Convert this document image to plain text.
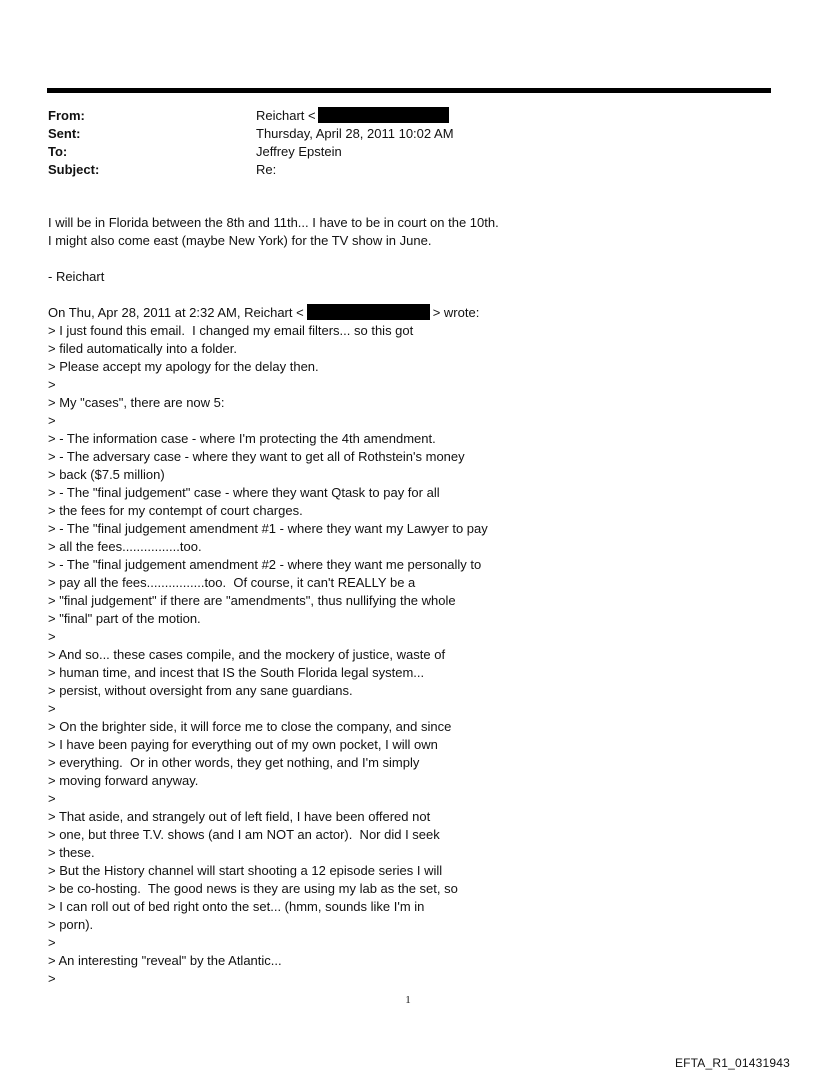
From:	Reichart <
Sent:	Thursday, April 28, 2011 10:02 AM
To:	Jeffrey Epstein
Subject:	Re:
I will be in Florida between the 8th and 11th... I have to be in court on the 10th.
I might also come east (maybe New York) for the TV show in June.
- Reichart
On Thu, Apr 28, 2011 at 2:32 AM, Reichart <	> wrote:
> I just found this email.  I changed my email filters... so this got
> filed automatically into a folder.
> Please accept my apology for the delay then.
>
> My "cases", there are now 5:
>
> - The information case - where I'm protecting the 4th amendment.
> - The adversary case - where they want to get all of Rothstein's money
> back ($7.5 million)
> - The "final judgement" case - where they want Qtask to pay for all
> the fees for my contempt of court charges.
> - The "final judgement amendment #1 - where they want my Lawyer to pay
> all the fees................too.
> - The "final judgement amendment #2 - where they want me personally to
> pay all the fees................too.  Of course, it can't REALLY be a
> "final judgement" if there are "amendments", thus nullifying the whole
> "final" part of the motion.
>
> And so... these cases compile, and the mockery of justice, waste of
> human time, and incest that IS the South Florida legal system...
> persist, without oversight from any sane guardians.
>
> On the brighter side, it will force me to close the company, and since
> I have been paying for everything out of my own pocket, I will own
> everything.  Or in other words, they get nothing, and I'm simply
> moving forward anyway.
>
> That aside, and strangely out of left field, I have been offered not
> one, but three T.V. shows (and I am NOT an actor).  Nor did I seek
> these.
> But the History channel will start shooting a 12 episode series I will
> be co-hosting.  The good news is they are using my lab as the set, so
> I can roll out of bed right onto the set... (hmm, sounds like I'm in
> porn).
>
> An interesting "reveal" by the Atlantic...
>
1
EFTA_R1_01431943
